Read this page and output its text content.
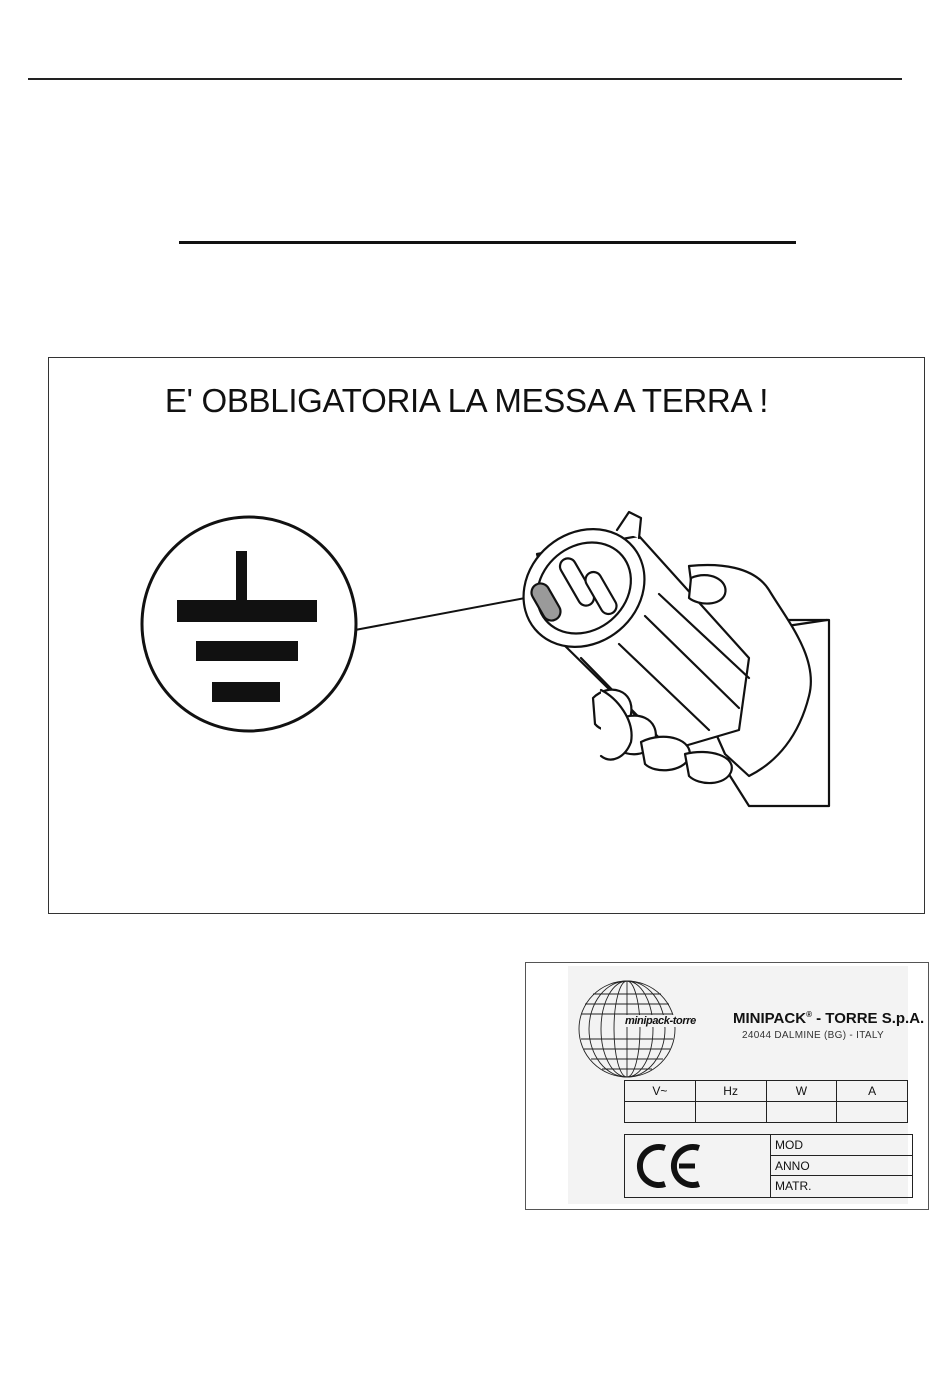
E' OBBLIGATORIA LA MESSA A TERRA !
minipack-torre MINIPACK® - TORRE S.p.A.
24044 DALMINE (BG) - ITALY
V~	Hz	W	A

MOD
ANNO
MATR.
